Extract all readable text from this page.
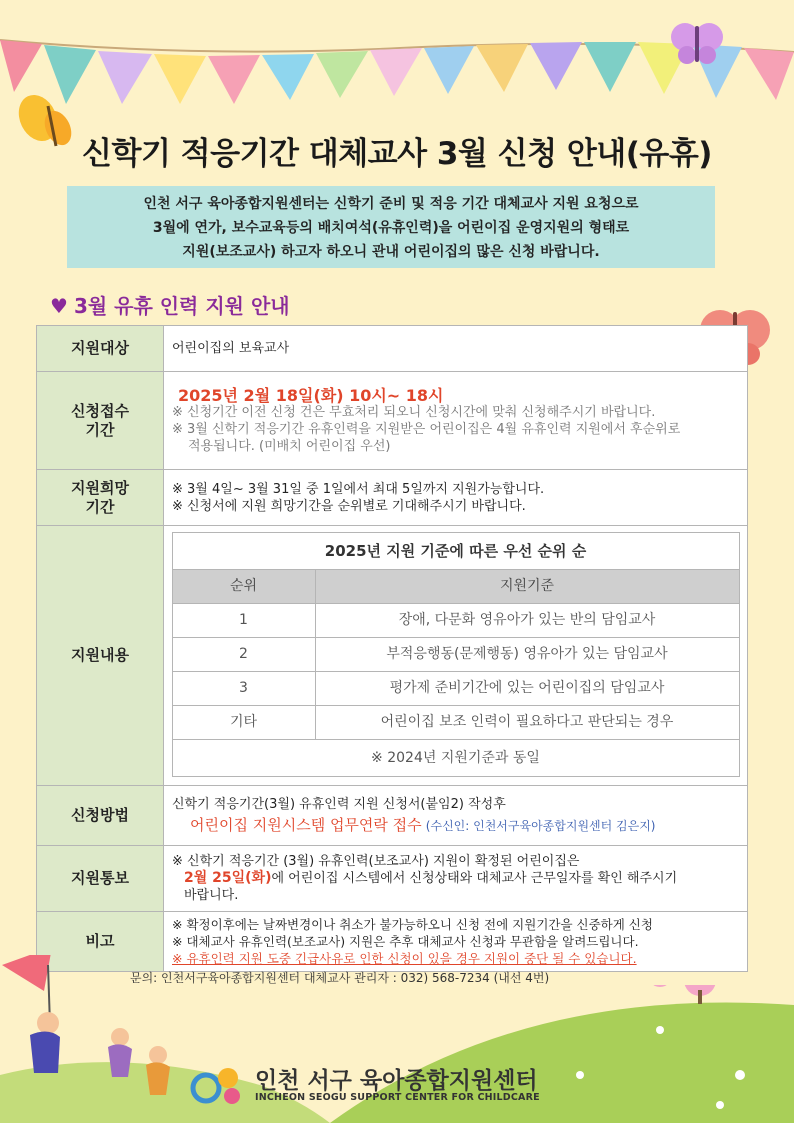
신학기 적응기간 대체교사 3월 신청 안내(유휴)
인천 서구 육아종합지원센터는 신학기 준비 및 적응 기간 대체교사 지원 요청으로
3월에 연가, 보수교육등의 배치여석(유휴인력)을 어린이집 운영지원의 형태로
지원(보조교사) 하고자 하오니 관내 어린이집의 많은 신청 바랍니다.
♥ 3월 유휴 인력 지원 안내
지원대상	어린이집의 보육교사
신청접수
기간	
2025년 2월 18일(화) 10시~ 18시
※ 신청기간 이전 신청 건은 무효처리 되오니 신청시간에 맞춰 신청해주시기 바랍니다.
※ 3월 신학기 적응기간 유휴인력을 지원받은 어린이집은 4월 유휴인력 지원에서 후순위로
적용됩니다. (미배치 어린이집 우선)

지원희망
기간	
※ 3월 4일~ 3월 31일 중 1일에서 최대 5일까지 지원가능합니다.
※ 신청서에 지원 희망기간을 순위별로 기대해주시기 바랍니다.

지원내용	
2025년 지원 기준에 따른 우선 순위 순
순위	지원기준
1	장애, 다문화 영유아가 있는 반의 담임교사
2	부적응행동(문제행동) 영유아가 있는 담임교사
3	평가제 준비기간에 있는 어린이집의 담임교사
기타	어린이집 보조 인력이 필요하다고 판단되는 경우
※ 2024년 지원기준과 동일

신청방법	
신학기 적응기간(3월) 유휴인력 지원 신청서(붙임2) 작성후
어린이집 지원시스템 업무연락 접수 (수신인: 인천서구육아종합지원센터 김은지)

지원통보	
※ 신학기 적응기간 (3월) 유휴인력(보조교사) 지원이 확정된 어린이집은
2월 25일(화)에 어린이집 시스템에서 신청상태와 대체교사 근무일자를 확인 해주시기
바랍니다.

비고	
※ 확정이후에는 날짜변경이나 취소가 불가능하오니 신청 전에 지원기간을 신중하게 신청
※ 대체교사 유휴인력(보조교사) 지원은 추후 대체교사 신청과 무관함을 알려드립니다.
※ 유휴인력 지원 도중 긴급사유로 인한 신청이 있을 경우 지원이 중단 될 수 있습니다.
문의: 인천서구육아종합지원센터 대체교사 관리자 : 032) 568-7234 (내선 4번)
인천 서구 육아종합지원센터
INCHEON SEOGU SUPPORT CENTER FOR CHILDCARE
